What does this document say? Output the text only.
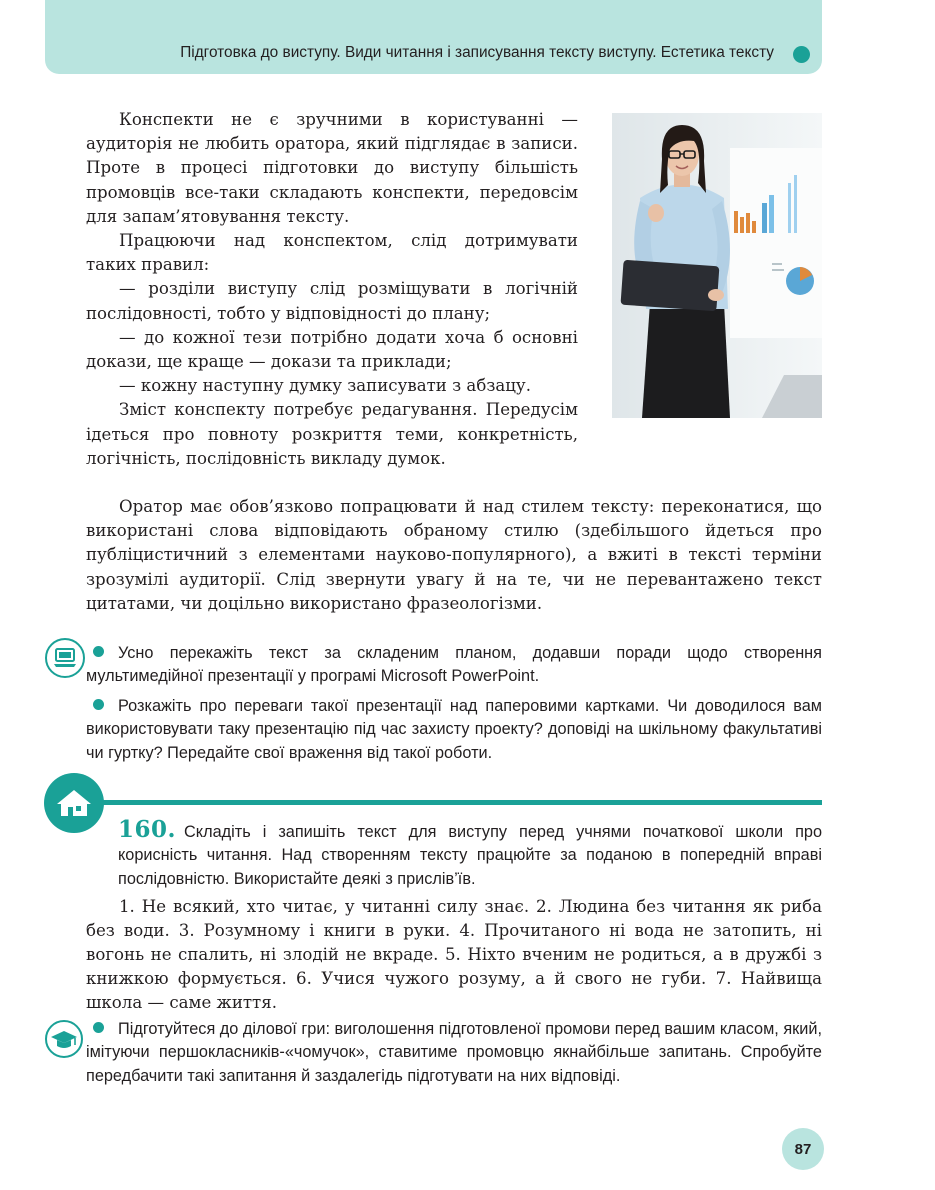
Підготовка до виступу. Види читання і записування тексту виступу. Естетика тексту

Конспекти не є зручними в користуванні — аудиторія не любить оратора, який підглядає в записи. Проте в процесі підготовки до виступу більшість промовців все-таки складають конспекти, передовсім для запам’ятовування тексту.

Працюючи над конспектом, слід дотримувати таких правил:

— розділи виступу слід розміщувати в логічній послідовності, тобто у відповідності до плану;

— до кожної тези потрібно додати хоча б основні докази, ще краще — докази та приклади;

— кожну наступну думку записувати з абзацу.

Зміст конспекту потребує редагування. Передусім ідеться про повноту розкриття теми, конкретність, логічність, послідовність викладу думок.

Оратор має обов’язково попрацювати й над стилем тексту: переконатися, що використані слова відповідають обраному стилю (здебільшого йдеться про публіцистичний з елементами науково-популярного), а вжиті в тексті терміни зрозумілі аудиторії. Слід звернути увагу й на те, чи не перевантажено текст цитатами, чи доцільно використано фразеологізми.

Усно перекажіть текст за складеним планом, додавши поради щодо створення мультимедійної презентації у програмі Microsoft PowerPoint.

Розкажіть про переваги такої презентації над паперовими картками. Чи доводилося вам використовувати таку презентацію під час захисту проекту? доповіді на шкільному факультативі чи гуртку? Передайте свої враження від такої роботи.

160. Складіть і запишіть текст для виступу перед учнями початкової школи про корисність читання. Над створенням тексту працюйте за поданою в попередній вправі послідовністю. Використайте деякі з прислів’їв.

1. Не всякий, хто читає, у читанні силу знає. 2. Людина без читання як риба без води. 3. Розумному і книги в руки. 4. Прочитаного ні вода не затопить, ні вогонь не спалить, ні злодій не вкраде. 5. Ніхто вченим не родиться, а в дружбі з книжкою формується. 6. Учися чужого розуму, а й свого не губи. 7. Найвища школа — саме життя.

Підготуйтеся до ділової гри: виголошення підготовленої промови перед вашим класом, який, імітуючи першокласників-«чомучок», ставитиме промовцю якнайбільше запитань. Спробуйте передбачити такі запитання й заздалегідь підготувати на них відповіді.

87
